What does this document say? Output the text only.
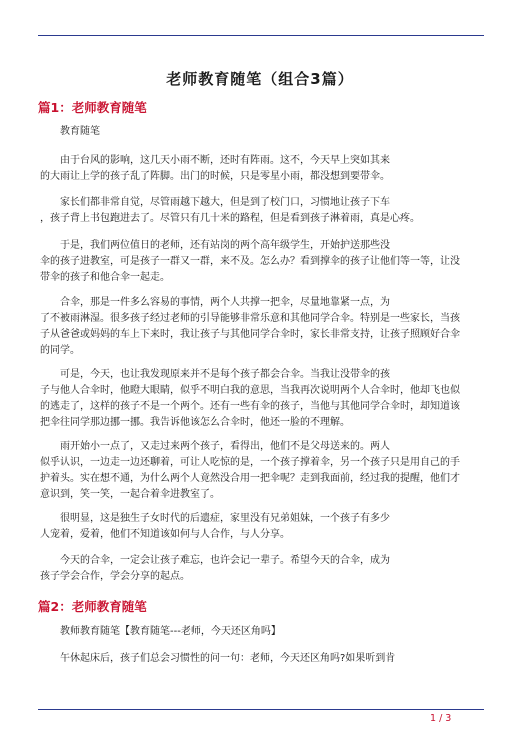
老师教育随笔（组合3篇）
篇1：老师教育随笔

　　教育随笔

　　由于台风的影响，这几天小雨不断，还时有阵雨。这不，今天早上突如其来
的大雨让上学的孩子乱了阵脚。出门的时候，只是零星小雨，都没想到要带伞。

　　家长们都非常自觉，尽管雨越下越大，但是到了校门口，习惯地让孩子下车
，孩子背上书包跑进去了。尽管只有几十米的路程，但是看到孩子淋着雨，真是心疼。

　　于是，我们两位值日的老师，还有站岗的两个高年级学生，开始护送那些没
伞的孩子进教室，可是孩子一群又一群，来不及。怎么办？看到撑伞的孩子让他们等一等，让没
带伞的孩子和他合伞一起走。

　　合伞，那是一件多么容易的事情，两个人共撑一把伞，尽量地靠紧一点，为
了不被雨淋湿。很多孩子经过老师的引导能够非常乐意和其他同学合伞。特别是一些家长，当孩
子从爸爸或妈妈的车上下来时，我让孩子与其他同学合伞时，家长非常支持，让孩子照顾好合伞
的同学。

　　可是，今天，也让我发现原来并不是每个孩子都会合伞。当我让没带伞的孩
子与他人合伞时，他瞪大眼睛，似乎不明白我的意思，当我再次说明两个人合伞时，他却飞也似
的逃走了，这样的孩子不是一个两个。还有一些有伞的孩子，当他与其他同学合伞时，却知道该
把伞往同学那边挪一挪。我告诉他该怎么合伞时，他还一脸的不理解。

　　雨开始小一点了，又走过来两个孩子，看得出，他们不是父母送来的。两人
似乎认识，一边走一边还聊着，可让人吃惊的是，一个孩子撑着伞，另一个孩子只是用自己的手
护着头。实在想不通，为什么两个人竟然没合用一把伞呢？走到我面前，经过我的提醒，他们才
意识到，笑一笑，一起合着伞进教室了。

　　很明显，这是独生子女时代的后遗症，家里没有兄弟姐妹，一个孩子有多少
人宠着，爱着，他们不知道该如何与人合作，与人分享。

　　今天的合伞，一定会让孩子难忘，也许会记一辈子。希望今天的合伞，成为
孩子学会合作，学会分享的起点。

篇2：老师教育随笔

　　教师教育随笔【教育随笔---老师，今天还区角吗】

　　午休起床后，孩子们总会习惯性的问一句：老师，今天还区角吗?如果听到肯

1 / 3
